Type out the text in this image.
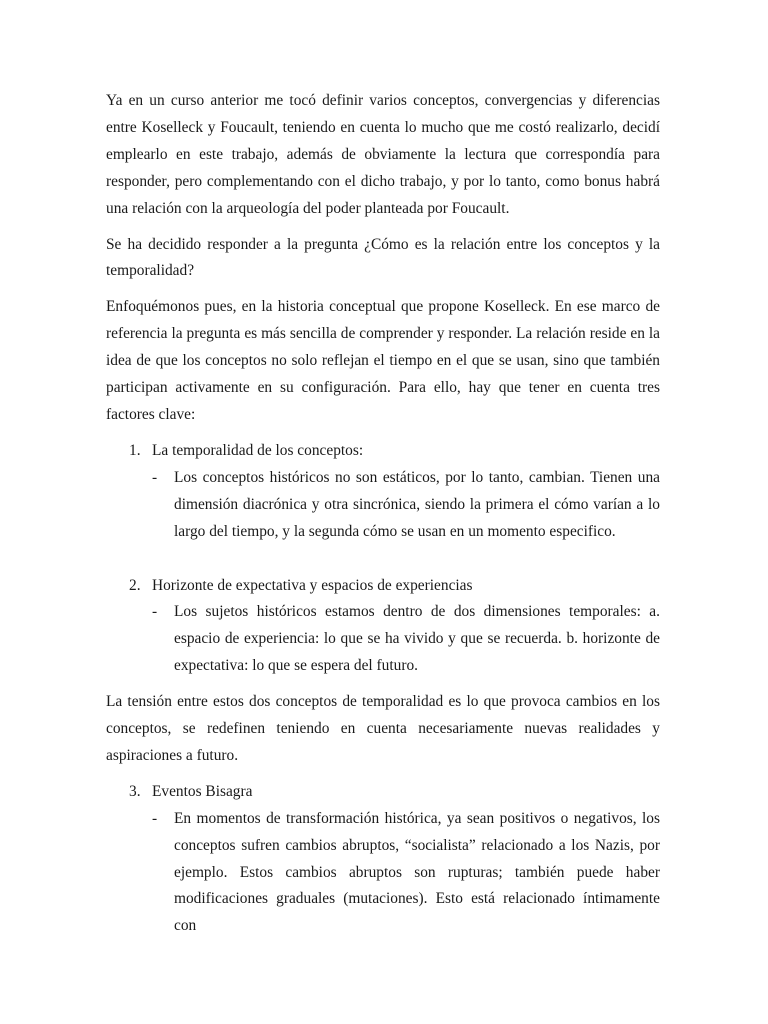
Ya en un curso anterior me tocó definir varios conceptos, convergencias y diferencias entre Koselleck y Foucault, teniendo en cuenta lo mucho que me costó realizarlo, decidí emplearlo en este trabajo, además de obviamente la lectura que correspondía para responder, pero complementando con el dicho trabajo, y por lo tanto, como bonus habrá una relación con la arqueología del poder planteada por Foucault.

Se ha decidido responder a la pregunta ¿Cómo es la relación entre los conceptos y la temporalidad?

Enfoquémonos pues, en la historia conceptual que propone Koselleck. En ese marco de referencia la pregunta es más sencilla de comprender y responder. La relación reside en la idea de que los conceptos no solo reflejan el tiempo en el que se usan, sino que también participan activamente en su configuración. Para ello, hay que tener en cuenta tres factores clave:

1. La temporalidad de los conceptos:
- Los conceptos históricos no son estáticos, por lo tanto, cambian. Tienen una dimensión diacrónica y otra sincrónica, siendo la primera el cómo varían a lo largo del tiempo, y la segunda cómo se usan en un momento especifico.
2. Horizonte de expectativa y espacios de experiencias
- Los sujetos históricos estamos dentro de dos dimensiones temporales: a. espacio de experiencia: lo que se ha vivido y que se recuerda. b. horizonte de expectativa: lo que se espera del futuro.

La tensión entre estos dos conceptos de temporalidad es lo que provoca cambios en los conceptos, se redefinen teniendo en cuenta necesariamente nuevas realidades y aspiraciones a futuro.

3. Eventos Bisagra
- En momentos de transformación histórica, ya sean positivos o negativos, los conceptos sufren cambios abruptos, “socialista” relacionado a los Nazis, por ejemplo. Estos cambios abruptos son rupturas; también puede haber modificaciones graduales (mutaciones). Esto está relacionado íntimamente con
